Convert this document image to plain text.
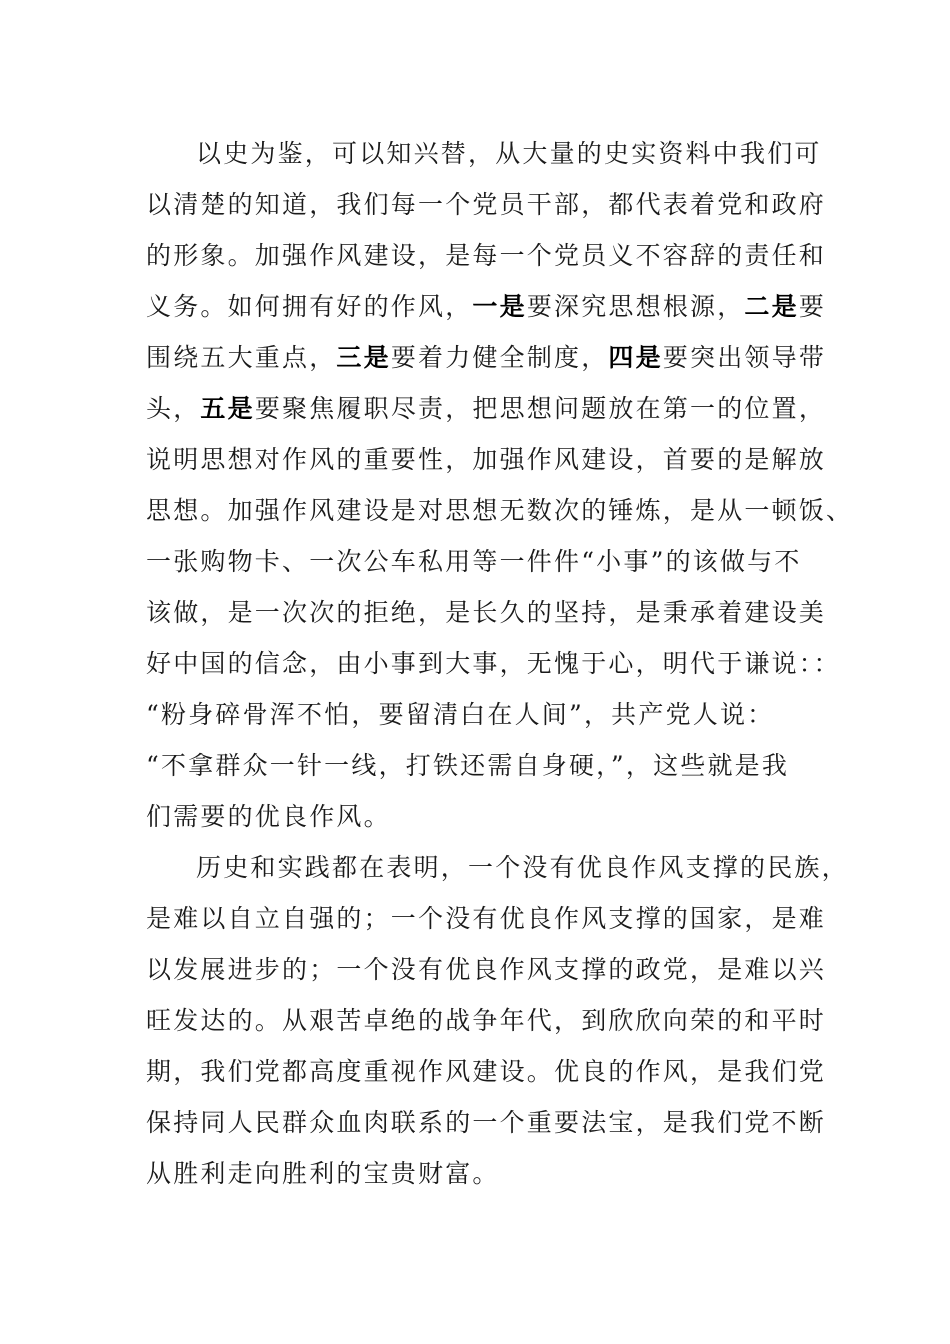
以史为鉴，可以知兴替，从大量的史实资料中我们可
以清楚的知道，我们每一个党员干部，都代表着党和政府
的形象。加强作风建设，是每一个党员义不容辞的责任和
义务。如何拥有好的作风，一是要深究思想根源，二是要
围绕五大重点，三是要着力健全制度，四是要突出领导带
头，五是要聚焦履职尽责，把思想问题放在第一的位置，
说明思想对作风的重要性，加强作风建设，首要的是解放
思想。加强作风建设是对思想无数次的锤炼，是从一顿饭、
一张购物卡、一次公车私用等一件件“小事”的该做与不
该做，是一次次的拒绝，是长久的坚持，是秉承着建设美
好中国的信念，由小事到大事，无愧于心，明代于谦说：：
“粉身碎骨浑不怕，要留清白在人间”，共产党人说：
“不拿群众一针一线，打铁还需自身硬，”，这些就是我
们需要的优良作风。
历史和实践都在表明，一个没有优良作风支撑的民族，
是难以自立自强的；一个没有优良作风支撑的国家，是难
以发展进步的；一个没有优良作风支撑的政党，是难以兴
旺发达的。从艰苦卓绝的战争年代，到欣欣向荣的和平时
期，我们党都高度重视作风建设。优良的作风，是我们党
保持同人民群众血肉联系的一个重要法宝，是我们党不断
从胜利走向胜利的宝贵财富。
